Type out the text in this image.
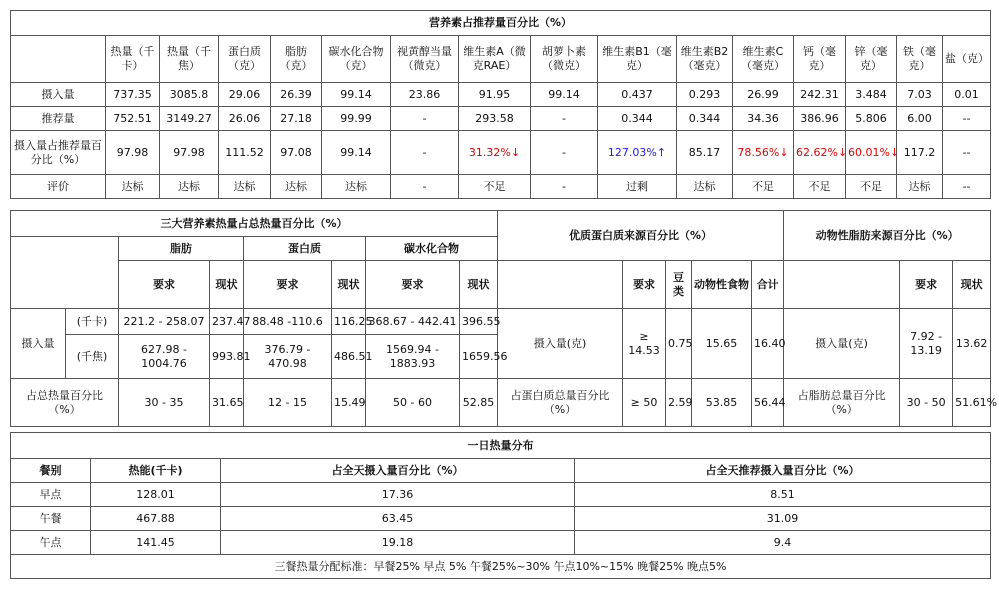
营养素占推荐量百分比（%）															
	热量（千卡）	热量（千焦）	蛋白质（克）	脂肪（克）	碳水化合物（克）	视黄醇当量（微克）	维生素A（微克RAE）	胡萝卜素（微克）	维生素B1（毫克）	维生素B2（毫克）	维生素C（毫克）	钙（毫克）	锌（毫克）	铁（毫克）	盐（克）
摄入量	737.35	3085.8	29.06	26.39	99.14	23.86	91.95	99.14	0.437	0.293	26.99	242.31	3.484	7.03	0.01
推荐量	752.51	3149.27	26.06	27.18	99.99	-	293.58	-	0.344	0.344	34.36	386.96	5.806	6.00	--
摄入量占推荐量百分比（%）	97.98	97.98	111.52	97.08	99.14	-	31.32%↓	-	127.03%↑	85.17	78.56%↓	62.62%↓	60.01%↓	117.2	--
评价	达标	达标	达标	达标	达标	-	不足	-	过剩	达标	不足	不足	不足	达标	--
三大营养素热量占总热量百分比（%）								优质蛋白质来源百分比（%）					动物性脂肪来源百分比（%）		
		脂肪		蛋白质		碳水化合物									
		要求	现状	要求	现状	要求	现状		要求	豆类	动物性食物	合计		要求	现状
摄入量	(千卡)	221.2 - 258.07	237.47	88.48 -110.6	116.25	368.67 - 442.41	396.55	摄入量(克)	≥ 14.53	0.75	15.65	16.40	摄入量(克)	7.92 - 13.19	13.62
	(千焦)	627.98 - 1004.76	993.81	376.79 - 470.98	486.51	1569.94 - 1883.93	1659.56								
占总热量百分比（%）		30 - 35	31.65	12 - 15	15.49	50 - 60	52.85	占蛋白质总量百分比（%）	≥ 50	2.59	53.85	56.44	占脂肪总量百分比（%）	30 - 50	51.61%
一日热量分布			
餐别	热能(千卡)	占全天摄入量百分比（%）	占全天推荐摄入量百分比（%）
早点	128.01	17.36	8.51
午餐	467.88	63.45	31.09
午点	141.45	19.18	9.4
三餐热量分配标准：早餐25% 早点 5% 午餐25%~30% 午点10%~15% 晚餐25% 晚点5%			
